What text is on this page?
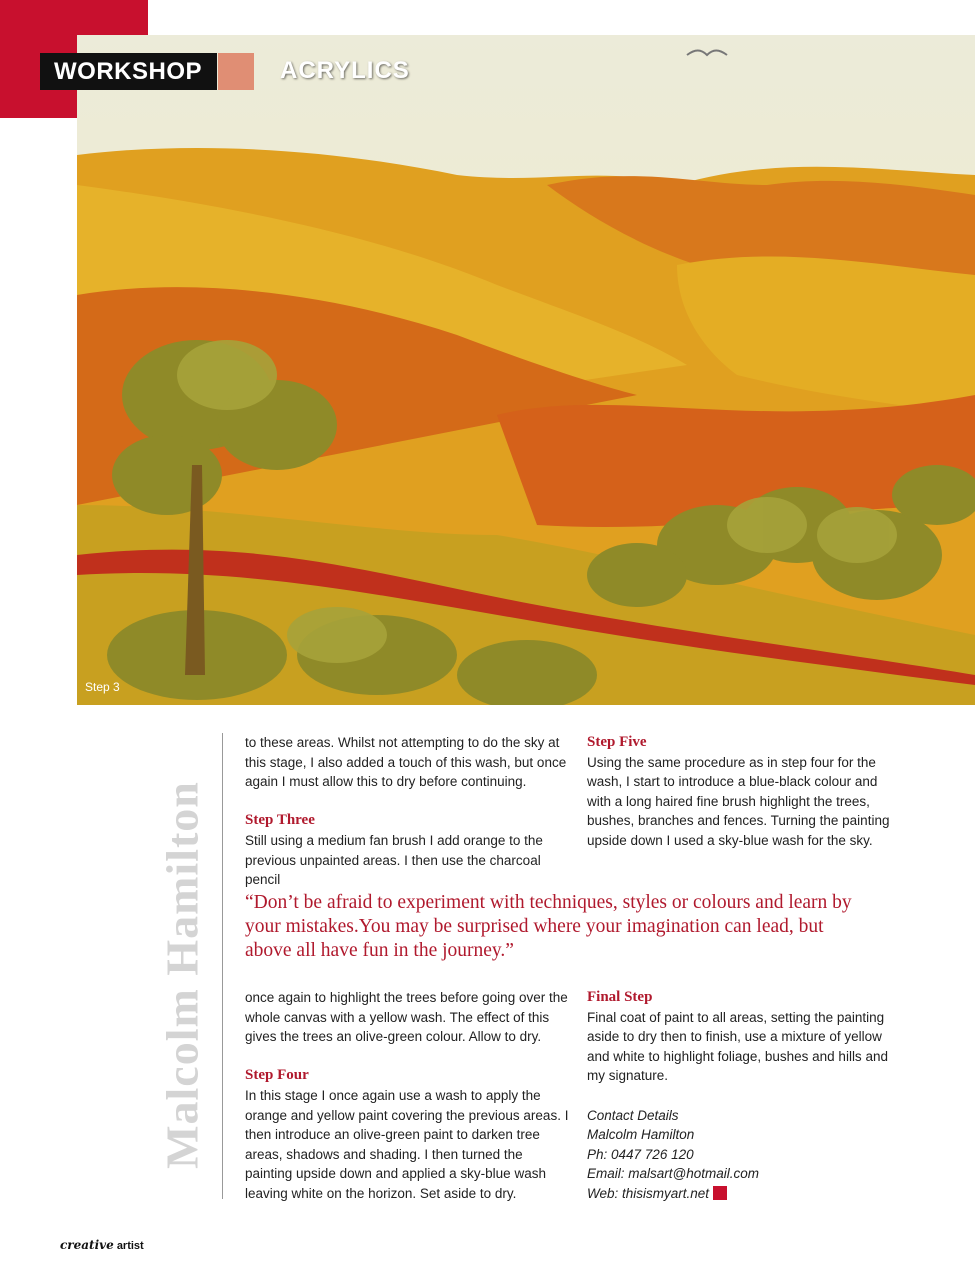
WORKSHOP	ACRYLICS
Step 3
Malcolm Hamilton

to these areas. Whilst not attempting to do the sky at this stage, I also added a touch of this wash, but once again I must allow this to dry before continuing.

Step Three

Still using a medium fan brush I add orange to the previous unpainted areas. I then use the charcoal pencil

Step Five

Using the same procedure as in step four for the wash, I start to introduce a blue-black colour and with a long haired fine brush highlight the trees, bushes, branches and fences. Turning the painting upside down I used a sky-blue wash for the sky.

“Don’t be afraid to experiment with techniques, styles or colours and learn by your mistakes.You may be surprised where your imagination can lead, but above all have fun in the journey.”

once again to highlight the trees before going over the whole canvas with a yellow wash. The effect of this gives the trees an olive-green colour. Allow to dry.

Step Four

In this stage I once again use a wash to apply the orange and yellow paint covering the previous areas. I then introduce an olive-green paint to darken tree areas, shadows and shading. I then turned the painting upside down and applied a sky-blue wash leaving white on the horizon. Set aside to dry.

Final Step

Final coat of paint to all areas, setting the painting aside to dry then to finish, use a mixture of yellow and white to highlight foliage, bushes and hills and my signature.

Contact Details

Malcolm Hamilton

Ph: 0447 726 120

Email: malsart@hotmail.com

Web: thisismyart.net

creative artist
